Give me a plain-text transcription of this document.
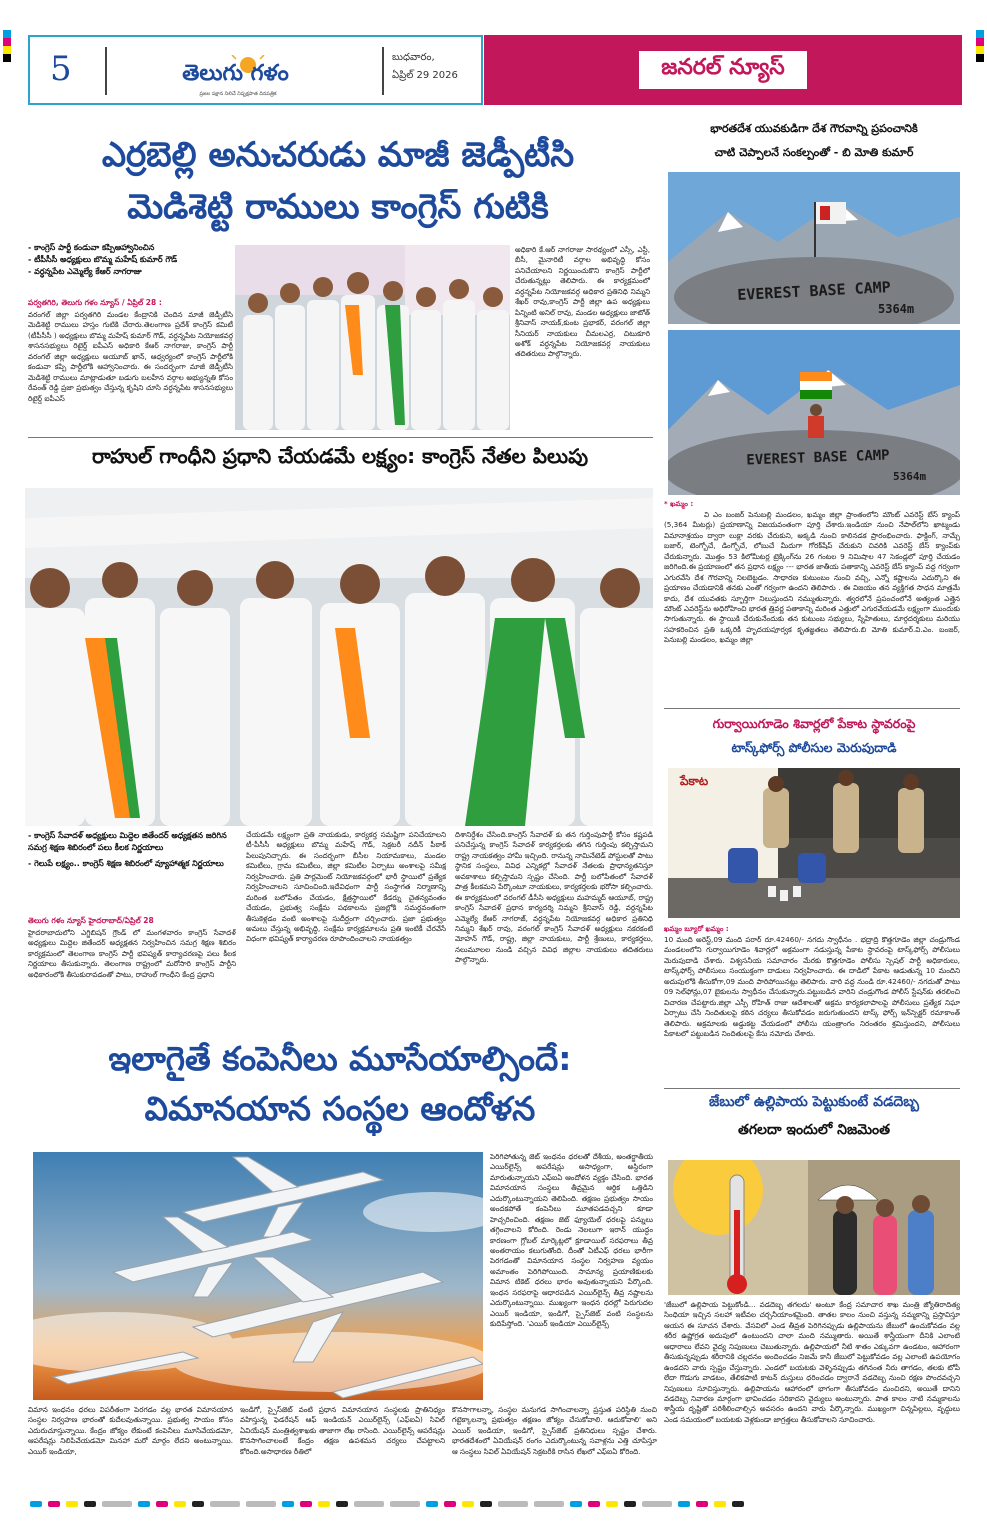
5	తెలుగు గళం
ప్రజల పక్షాన నిలిచే నిష్పక్షపాత దినపత్రిక
బుధవారం,
ఏప్రిల్ 29 2026	జనరల్ న్యూస్
ఎర్రబెల్లి అనుచరుడు మాజీ జెడ్పీటీసి
మెడిశెట్టి రాములు కాంగ్రెస్ గుటికి
- కాంగ్రెస్ పార్టీ కండువా కప్పిఆహ్వానించిన
- టీపీసీసీ అధ్యక్షులు బొమ్మ మహేష్ కుమార్ గౌడ్
- వర్ధన్నపేట ఎమ్మెల్యే కేఆర్ నాగరాజు
పర్వతగిరి, తెలుగు గళం న్యూస్ / ఏప్రిల్ 28 :
వరంగల్ జిల్లా పర్వతగిరి మండల కేంద్రానికి చెందిన మాజీ జెడ్పీటీసి మెడిశెట్టి రాములు హస్తం గుటికి చేరారు.తెలంగాణ ప్రదేశ్ కాంగ్రెస్ కమిటీ (టీపీసీసీ ) అధ్యక్షులు బొమ్మ మహేష్ కుమార్ గౌడ్, వర్ధన్నపేట నియోజకవర్గ శాసనసభ్యులు రిటైర్డ్ ఐపీఎస్ అధికారి కేఆర్ నాగరాజు, కాంగ్రెస్ పార్టీ వరంగల్ జిల్లా అధ్యక్షులు అయూబ్ ఖాన్, ఆధ్వర్యంలో కాంగ్రెస్ పార్టీలోకి కండువా కప్పి పార్టీలోకి ఆహ్వానించారు. ఈ సందర్భంగా మాజీ జెడ్పీటీసి మెడిశెట్టి రాములు మాట్లాడుతూ బడుగు బలహీన వర్గాల అభ్యున్నతి కోసం రేవంత్ రెడ్డి ప్రజా ప్రభుత్వం చేస్తున్న కృషిని చూసి వర్ధన్నపేట శాసనసభ్యులు రిటైర్డ్ ఐపీఎస్
అధికారి కే.ఆర్ నాగరాజు సారథ్యంలో ఎస్సీ, ఎస్టీ, బీసీ, మైనారిటీ వర్గాల అభివృద్ధి కోసం పనిచేయాలని నిర్ణయించుకొని కాంగ్రెస్ పార్టీలో చేరుతున్నట్లు తెలిపారు. ఈ కార్యక్రమంలో వర్ధన్నపేట నియోజకవర్గ అధికార ప్రతినిధి నిమ్మని శేఖర్ రావు,కాంగ్రెస్ పార్టీ జిల్లా ఉప అధ్యక్షులు పిన్నింటి అనిల్ రావు, మండల అధ్యక్షులు జాటోత్ శ్రీనివాస్ నాయక్,కుంట ప్రభాకర్, వరంగల్ జిల్లా సీనియర్ నాయకులు చీమలఎర్ర, చిటుకూరి అశోక్ వర్ధన్నపేట నియోజకవర్గ నాయకులు తదితరులు పాల్గొన్నారు.
రాహుల్ గాంధీని ప్రధాని చేయడమే లక్ష్యం: కాంగ్రెస్ నేతల పిలుపు
- కాంగ్రెస్ సేవాదళ్ అధ్యక్షులు మిద్దెల జితేందర్ అధ్యక్షతన జరిగిన సమగ్ర శిక్షణ శిబిరంలో పలు కీలక నిర్ణయాలు
- గెలుపే లక్ష్యం.. కాంగ్రెస్ శిక్షణ శిబిరంలో వ్యూహాత్మక నిర్ణయాలు
తెలుగు గళం న్యూస్ హైదరాబాద్/ఏప్రిల్ 28
హైదరాబాదులోని ఎగ్జిబిషన్ గ్రౌండ్ లో మంగళవారం కాంగ్రెస్ సేవాదళ్ అధ్యక్షులు మిద్దెల జితేందర్ అధ్యక్షతన నిర్వహించిన సమగ్ర శిక్షణ శిబిరం కార్యక్రమంలో తెలంగాణ కాంగ్రెస్ పార్టీ భవిష్యత్ కార్యాచరణపై పలు కీలక నిర్ణయాలు తీసుకున్నారు. తెలంగాణ రాష్ట్రంలో మరోసారి కాంగ్రెస్ పార్టీని అధికారంలోకి తీసుకురావడంతో పాటు, రాహుల్ గాంధీని కేంద్ర ప్రధాని
చేయడమే లక్ష్యంగా ప్రతి నాయకుడు, కార్యకర్త సమష్టిగా పనిచేయాలని టీ-పీసీసీ అధ్యక్షులు బొమ్మ మహేష్ గౌడ్, సెక్రటరీ నదీన్ పీఠాక్ పిలుపునిచ్చారు. ఈ సందర్భంగా బీసీల నియామకాలు, మండల కమిటీలు, గ్రామ కమిటీలు, జిల్లా కమిటీల ఏర్పాటు అంశాలపై సమీక్ష నిర్వహించారు. ప్రతి పార్లమెంట్ నియోజకవర్గంలో భారీ స్థాయిలో ప్రత్యేక నిర్వహించాలని సూచించింది.ఇదేవిధంగా పార్టీ సంస్థాగత నిర్మాణాన్ని మరింత బలోపేతం చేయడం, క్షేత్రస్థాయిలో కేడర్ను చైతన్యవంతం చేయడం, ప్రభుత్వ సంక్షేమ పథకాలను ప్రజల్లోకి సమర్థవంతంగా తీసుకెళ్లడం వంటి అంశాలపై సుదీర్ఘంగా చర్చించారు. ప్రజా ప్రభుత్వం అమలు చేస్తున్న అభివృద్ధి, సంక్షేమ కార్యక్రమాలను ప్రతి ఇంటికీ చేరవేసే విధంగా భవిష్యత్ కార్యాచరణ రూపొందించాలని నాయకత్వం
దిశానిర్దేశం చేసింది.కాంగ్రెస్ సేవాదళ్ కు తన గుర్తింపుపార్టీ కోసం కష్టపడి పనిచేస్తున్న కాంగ్రెస్ సేవాదళ్ కార్యకర్తలకు తగిన గుర్తింపు కల్పిస్తామని రాష్ట్ర నాయకత్వం హామీ ఇచ్చింది. రానున్న నామినేటెడ్ పోస్టులతో పాటు స్థానిక సంస్థలు, వివిధ ఎన్నికల్లో సేవాదళ్ నేతలకు ప్రాధాన్యతనిస్తూ అవకాశాలు కల్పిస్తామని స్పష్టం చేసింది. పార్టీ బలోపేతంలో సేవాదళ్ పాత్ర కీలకమని పేర్కొంటూ నాయకులు, కార్యకర్తలకు భరోసా కల్పించారు. ఈ కార్యక్రమంలో వరంగల్ డీసీసి అధ్యక్షులు మహమ్మద్ ఆయూబ్, రాష్ట్ర కాంగ్రెస్ సేవాదళ్ ప్రధాన కార్యదర్శి నిమ్మని శ్రీనివాస్ రెడ్డి, వర్ధన్నపేట ఎమ్మెల్యే కేఆర్ నాగరాజ్, వర్ధన్నపేట నియోజకవర్గ అధికార ప్రతినిధి నిమ్మని శేఖర్ రావు, వరంగల్ కాంగ్రెస్ సేవాదళ్ అధ్యక్షులు నకరకంటి మోహన్ గౌడ్, రాష్ట్ర, జిల్లా నాయకులు, పార్టీ శ్రేణులు, కార్యకర్తలు, నలుమూలల నుండి వచ్చిన వివిధ జిల్లాల నాయకులు తదితరులు పాల్గొన్నారు.
ఇలాగైతే కంపెనీలు మూసేయాల్సిందే:
విమానయాన సంస్థల ఆందోళన
పెరిగిపోతున్న జెట్ ఇంధనం ధరలతో దేశీయ, అంతర్జాతీయ ఎయిర్‌లైన్స్ అపరేషన్లు అసాధ్యంగా, అస్థిరంగా మారుతున్నాయని ఎఫ్‌ఐఏ ఆందోళన వ్యక్తం చేసింది. భారత విమానయాన సంస్థలు తీవ్రమైన ఆర్థిక ఒత్తిడిని ఎదుర్కొంటున్నాయని తెలిపింది. తక్షణం ప్రభుత్వం సాయం అందకపోతే కంపెనీలు మూతపడవచ్చని కూడా హెచ్చరించింది. తక్షణం జెట్ ఫ్యూయెల్ ధరలపై పన్నులు తగ్గించాలని కోరింది. రెండు నెలలుగా ఇరాన్ యుద్ధం కారణంగా గ్లోబల్ మార్కెట్లలో క్రూడాయిల్ సరఫరాలు తీవ్ర అంతరాయం కలుగుతోంది. దీంతో ఏటీఎఫ్ ధరలు భారీగా పెరగడంతో విమానయాన సంస్థల నిర్వహణ వ్యయం అమాంతం పెరిగిపోయింది. సామాన్య ప్రయాణికులకు విమాన టికెట్ ధరలు భారం అవుతున్నాయని పేర్కొంది. ఇంధన సరఫరాపై ఆధారపడిన ఎయిర్‌లైన్స్ తీవ్ర నష్టాలను ఎదుర్కొంటున్నాయి. ముఖ్యంగా ఇంధన ధరల్లో పెరుగుదల ఎయిర్ ఇండియా, ఇండిగో, స్పైస్‌జెట్ వంటి సంస్థలను కుదిపేస్తోంది. 'ఎయిర్ ఇండియా ఎయిర్‌లైన్స్
విమాన ఇంధనం ధరలు విపరీతంగా పెరగడం వల్ల భారత విమానయాన సంస్థల నిర్వహణ భారంతో కుదేలవుతున్నాయి. ప్రభుత్వ సాయం కోసం ఎదురుచూస్తున్నాయి. కేంద్రం జోక్యం లేకుంటే కంపెనీలు మూసివేయడమో, ఆపరేషన్లు నిలిపివేయడమో మినహా మరో మార్గం లేదని అంటున్నాయి. ఎయిర్ ఇండియా,
ఇండిగో, స్పైస్‌జెట్ వంటి ప్రధాన విమానయాన సంస్థలకు ప్రాతినిధ్యం వహిస్తున్న ఫెడరేషన్ ఆఫ్ ఇండియన్ ఎయిర్‌లైన్స్ (ఎఫ్‌ఐఏ) సివిల్ ఏవియేషన్ మంత్రిత్వశాఖకు తాజాగా లేఖ రాసింది. ఎయిర్‌లైన్స్ ఆపరేషన్లు కొనసాగించాలంటే కేంద్రం తక్షణ ఉపశమన చర్యలు చేపట్టాలని కోరింది.అసాధారణ రీతిలో
కొనసాగాలన్నా, సంస్థల మనుగడ సాగించాలన్నా ప్రస్తుత పరిస్థితి నుంచి గట్టెక్కాలన్నా ప్రభుత్వం తక్షణం జోక్యం చేసుకోవాలి. ఆదుకోవాలి' అని ఎయిర్ ఇండియా, ఇండిగో, స్పైస్‌జెట్ ప్రతినిధులు స్పష్టం చేశారు. భారతదేశంలో ఏవియేషన్ రంగం ఎదుర్కొంటున్న సవాళ్లను ఎత్తి చూపిస్తూ ఆ సంస్థలు సివిల్ ఏవియేషన్ సెక్రటరీకి రాసిన లేఖలో ఎఫ్‌ఐఏ కోరింది.
భారతదేశ యువకుడిగా దేశ గౌరవాన్ని ప్రపంచానికి
చాటి చెప్పాలనే సంకల్పంతో - బి మోతి కుమార్
EVEREST BASE CAMP
5364m
EVEREST BASE CAMP
5364m
* ఖమ్మం :
వి ఎం బంజర్ పెనుబల్లి మండలం, ఖమ్మం జిల్లా ప్రాంతంలోని మౌంట్ ఎవరెస్ట్ బేస్ క్యాంప్ (5,364 మీటర్లు) ప్రయాణాన్ని విజయవంతంగా పూర్తి చేశారు.ఇండియా నుంచి నేపాల్‌లోని ఖాట్మండు విమానాశ్రయం ద్వారా లుక్లా వరకు చేరుకుని, అక్కడి నుంచి కాలినడక ప్రారంభించారు. ఫాక్డింగ్, నామ్చే బజార్, టెంగ్బోచే, డింగ్బోచే, లోబుచే మీదుగా గోరక్‌షేప్ చేరుకుని చివరికి ఎవరెస్ట్ బేస్ క్యాంప్‌కు చేరుకున్నారు. మొత్తం 53 కిలోమీటర్ల ట్రెక్కింగ్‌ను 26 గంటల 9 నిమిషాల 47 సెకండ్లలో పూర్తి చేయడం జరిగింది.ఈ ప్రయాణంలో తన ప్రధాన లక్ష్యం --- భారత జాతీయ పతాకాన్ని ఎవరెస్ట్ బేస్ క్యాంప్ వద్ద గర్వంగా ఎగురవేసి దేశ గౌరవాన్ని నిలబెట్టడం. సాధారణ కుటుంబం నుంచి వచ్చి, ఎన్నో కష్టాలను ఎదుర్కొని ఈ ప్రయాణం చేయడానికి తనకు ఎంతో గర్వంగా ఉందని తెలిపారు . ఈ విజయం తన వ్యక్తిగత సాధన మాత్రమే కాదు, దేశ యువతకు స్ఫూర్తిగా నిలుస్తుందని నమ్ముతున్నారు. త్వరలోనే ప్రపంచంలోనే అత్యంత ఎత్తైన మౌంట్ ఎవరెస్ట్‌ను అధిరోహించి భారత త్రివర్ణ పతాకాన్ని మరింత ఎత్తులో ఎగురవేయడమే లక్ష్యంగా ముందుకు సాగుతున్నారు. ఈ స్థాయికి చేరుకునేందుకు తన కుటుంబ సభ్యులు, స్నేహితులు, మార్గదర్శకులు మరియు సహకరించిన ప్రతి ఒక్కరికీ హృదయపూర్వక కృతజ్ఞతలు తెలిపారు.బి మోతి కుమార్.వి.ఎం. బంజర్, పెనుబల్లి మండలం, ఖమ్మం జిల్లా
గుర్వాయిగూడెం శివార్లలో పేకాట స్థావరంపై
టాస్క్‌ఫోర్స్ పోలీసుల మెరుపుదాడి
పేకాట
ఖమ్మం బ్యూరో ఖమ్మం :
10 మంది అరెస్ట్,09 మంది పరార్ రూ.42460/- నగదు స్వాధీనం . భద్రాద్రి కొత్తగూడెం జిల్లా చండ్రుగొండ మండలంలోని గుర్వాయిగూడెం శివార్లలో అక్రమంగా నడుస్తున్న పేకాట స్థావరంపై టాస్క్‌ఫోర్స్ పోలీసులు మెరుపుదాడి చేశారు. విశ్వసనీయ సమాచారం మేరకు కొత్తగూడెం పోలీసు స్పెషల్ పార్టీ అధికారులు, టాస్క్‌ఫోర్స్ పోలీసులు సంయుక్తంగా దాడులు నిర్వహించారు. ఈ దాడిలో పేకాట ఆడుతున్న 10 మందిని అదుపులోకి తీసుకోగా,09 మంది పారిపోయినట్లు తెలిపారు. వారి వద్ద నుండి రూ.42460/- నగదుతో పాటు 09 సెల్‌ఫోన్లు,07 బైకులను స్వాధీనం చేసుకున్నారు.పట్టుబడిన వారిని చండ్రుగొండ పోలీస్ స్టేషన్‌కు తరలించి విచారణ చేపట్టారు.జిల్లా ఎస్పీ రోహిత్ రాజు ఆదేశాలతో అక్రమ కార్యకలాపాలపై పోలీసులు ప్రత్యేక నిఘా ఏర్పాటు చేసి నిందితులపై కఠిన చర్యలు తీసుకోవడం జరుగుతుందని టాస్క్ ఫోర్స్ ఇన్‌స్పెక్టర్ రమాకాంత్ తెలిపారు. అక్రమాలకు అడ్డుకట్ట వేయడంలో పోలీసు యంత్రాంగం నిరంతరం శ్రమిస్తుందని, పోలీసులు పేకాటలో పట్టుబడిన నిందితులపై కేసు నమోదు చేశారు.
జేబులో ఉల్లిపాయ పెట్టుకుంటే వడదెబ్బ
తగలదా ఇందులో నిజమెంత
'జేబులో ఉల్లిపాయ పెట్టుకోండి... వడదెబ్బ తగలదు' అంటూ కేంద్ర సమాచార శాఖ మంత్రి జ్యోతిరాదిత్య సింధియా ఇచ్చిన సలహా ఇటీవల చర్చనీయాంశమైంది. తాతల కాలం నుంచి వస్తున్న నమ్మకాన్ని ప్రస్తావిస్తూ ఆయన ఈ సూచన చేశారు. వేసవిలో ఎండ తీవ్రత పెరిగినప్పుడు ఉల్లిపాయను జేబులో ఉంచుకోవడం వల్ల శరీర ఉష్ణోగ్రత అదుపులో ఉంటుందని చాలా మంది నమ్ముతారు. అయితే శాస్త్రీయంగా దీనికి ఎలాంటి ఆధారాలు లేవని వైద్య నిపుణులు చెబుతున్నారు. ఉల్లిపాయలో నీటి శాతం ఎక్కువగా ఉండటం, ఆహారంగా తీసుకున్నప్పుడు శరీరానికి చల్లదనం అందించడం నిజమే కానీ జేబులో పెట్టుకోవడం వల్ల ఎలాంటి ఉపయోగం ఉండదని వారు స్పష్టం చేస్తున్నారు. ఎండలో బయటకు వెళ్ళినప్పుడు తగినంత నీరు తాగడం, తలకు టోపీ లేదా గొడుగు వాడటం, తేలికపాటి కాటన్ దుస్తులు ధరించడం ద్వారానే వడదెబ్బ నుంచి రక్షణ పొందవచ్చని నిపుణులు సూచిస్తున్నారు. ఉల్లిపాయను ఆహారంలో భాగంగా తీసుకోవడం మంచిదని, అయితే దానిని వడదెబ్బ నివారణ మార్గంగా భావించడం సరికాదని వైద్యులు అంటున్నారు. పాత కాలం నాటి నమ్మకాలను శాస్త్రీయ దృష్టితో పరిశీలించాల్సిన అవసరం ఉందని వారు పేర్కొన్నారు. ముఖ్యంగా చిన్నపిల్లలు, వృద్ధులు ఎండ సమయంలో బయటకు వెళ్లకుండా జాగ్రత్తలు తీసుకోవాలని సూచించారు.
